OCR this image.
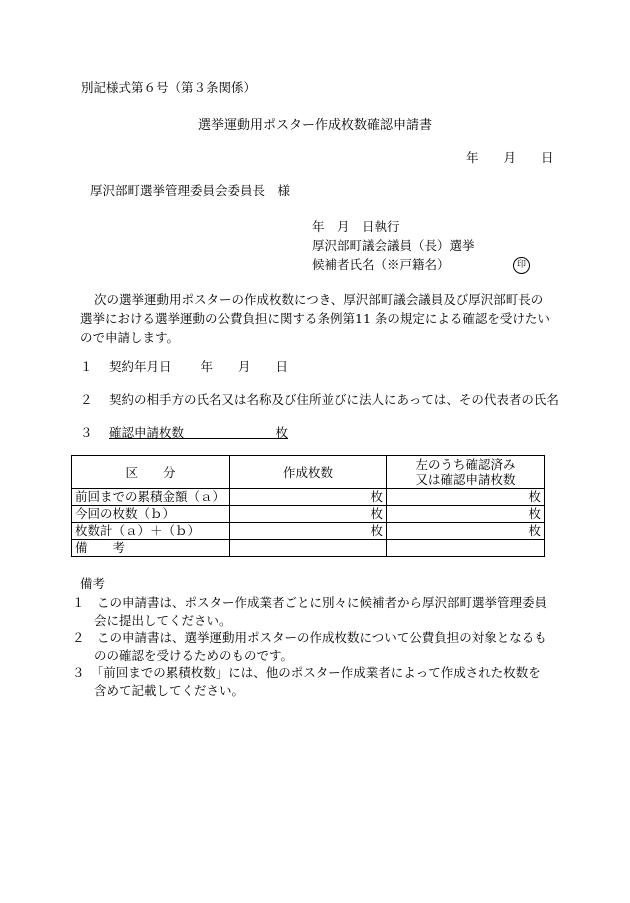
別記様式第６号（第３条関係）
選挙運動用ポスター作成枚数確認申請書
年　　月　　日
厚沢部町選挙管理委員会委員長　様
年　月　日執行
厚沢部町議会議員（長）選挙
候補者氏名（※戸籍名）	印
次の選挙運動用ポスターの作成枚数につき、厚沢部町議会議員及び厚沢部町長の選挙における選挙運動の公費負担に関する条例第11 条の規定による確認を受けたいので申請します。
１　 契約年月日　　 年　　月　　日
２　 契約の相手方の氏名又は名称及び住所並びに法人にあっては、その代表者の氏名
３　 確認申請枚数　　　　　　　 枚
区　　分	作成枚数	左のうち確認済み
又は確認申請枚数
前回までの累積金額（ａ）	枚	枚

今回の枚数（ｂ）	枚	枚

枚数計（ａ）＋（ｂ）	枚	枚

備　　考	

備考

１　この申請書は、ポスター作成業者ごとに別々に候補者から厚沢部町選挙管理委員会に提出してください。

２　この申請書は、選挙運動用ポスターの作成枚数について公費負担の対象となるものの確認を受けるためのものです。

３　「前回までの累積枚数」には、他のポスター作成業者によって作成された枚数を含めて記載してください。
